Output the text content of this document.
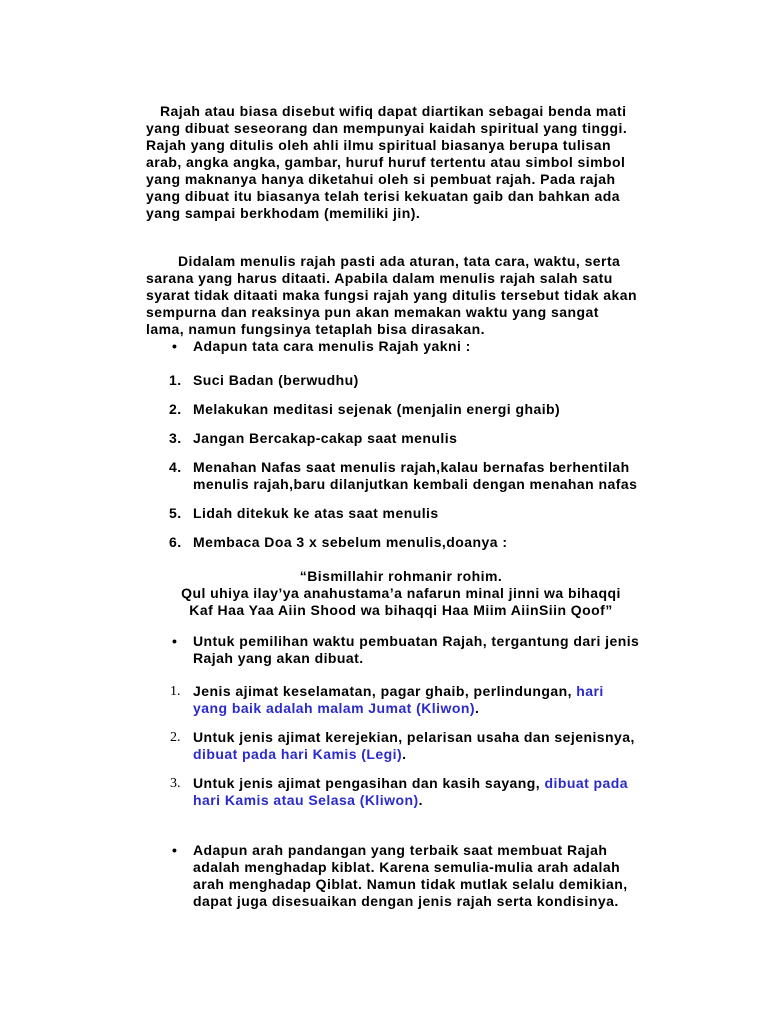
Rajah atau biasa disebut wifiq dapat diartikan sebagai benda mati
yang dibuat seseorang dan mempunyai kaidah spiritual yang tinggi.
Rajah yang ditulis oleh ahli ilmu spiritual biasanya berupa tulisan
arab, angka angka, gambar, huruf huruf tertentu atau simbol simbol
yang maknanya hanya diketahui oleh si pembuat rajah. Pada rajah
yang dibuat itu biasanya telah terisi kekuatan gaib dan bahkan ada
yang sampai berkhodam (memiliki jin).
Didalam menulis rajah pasti ada aturan, tata cara, waktu, serta
sarana yang harus ditaati. Apabila dalam menulis rajah salah satu
syarat tidak ditaati maka fungsi rajah yang ditulis tersebut tidak akan
sempurna dan reaksinya pun akan memakan waktu yang sangat
lama, namun fungsinya tetaplah bisa dirasakan.
• Adapun tata cara menulis Rajah yakni :
1. Suci Badan (berwudhu)
2. Melakukan meditasi sejenak (menjalin energi ghaib)
3. Jangan Bercakap-cakap saat menulis
4. Menahan Nafas saat menulis rajah,kalau bernafas berhentilah
menulis rajah,baru dilanjutkan kembali dengan menahan nafas
5. Lidah ditekuk ke atas saat menulis
6. Membaca Doa 3 x sebelum menulis,doanya :
“Bismillahir rohmanir rohim.
Qul uhiya ilay’ya anahustama’a nafarun minal jinni wa bihaqqi
Kaf Haa Yaa Aiin Shood wa bihaqqi Haa Miim AiinSiin Qoof”
• Untuk pemilihan waktu pembuatan Rajah, tergantung dari jenis
Rajah yang akan dibuat.
1. Jenis ajimat keselamatan, pagar ghaib, perlindungan, hari
yang baik adalah malam Jumat (Kliwon).
2. Untuk jenis ajimat kerejekian, pelarisan usaha dan sejenisnya,
dibuat pada hari Kamis (Legi).
3. Untuk jenis ajimat pengasihan dan kasih sayang, dibuat pada
hari Kamis atau Selasa (Kliwon).
• Adapun arah pandangan yang terbaik saat membuat Rajah
adalah menghadap kiblat. Karena semulia-mulia arah adalah
arah menghadap Qiblat. Namun tidak mutlak selalu demikian,
dapat juga disesuaikan dengan jenis rajah serta kondisinya.
